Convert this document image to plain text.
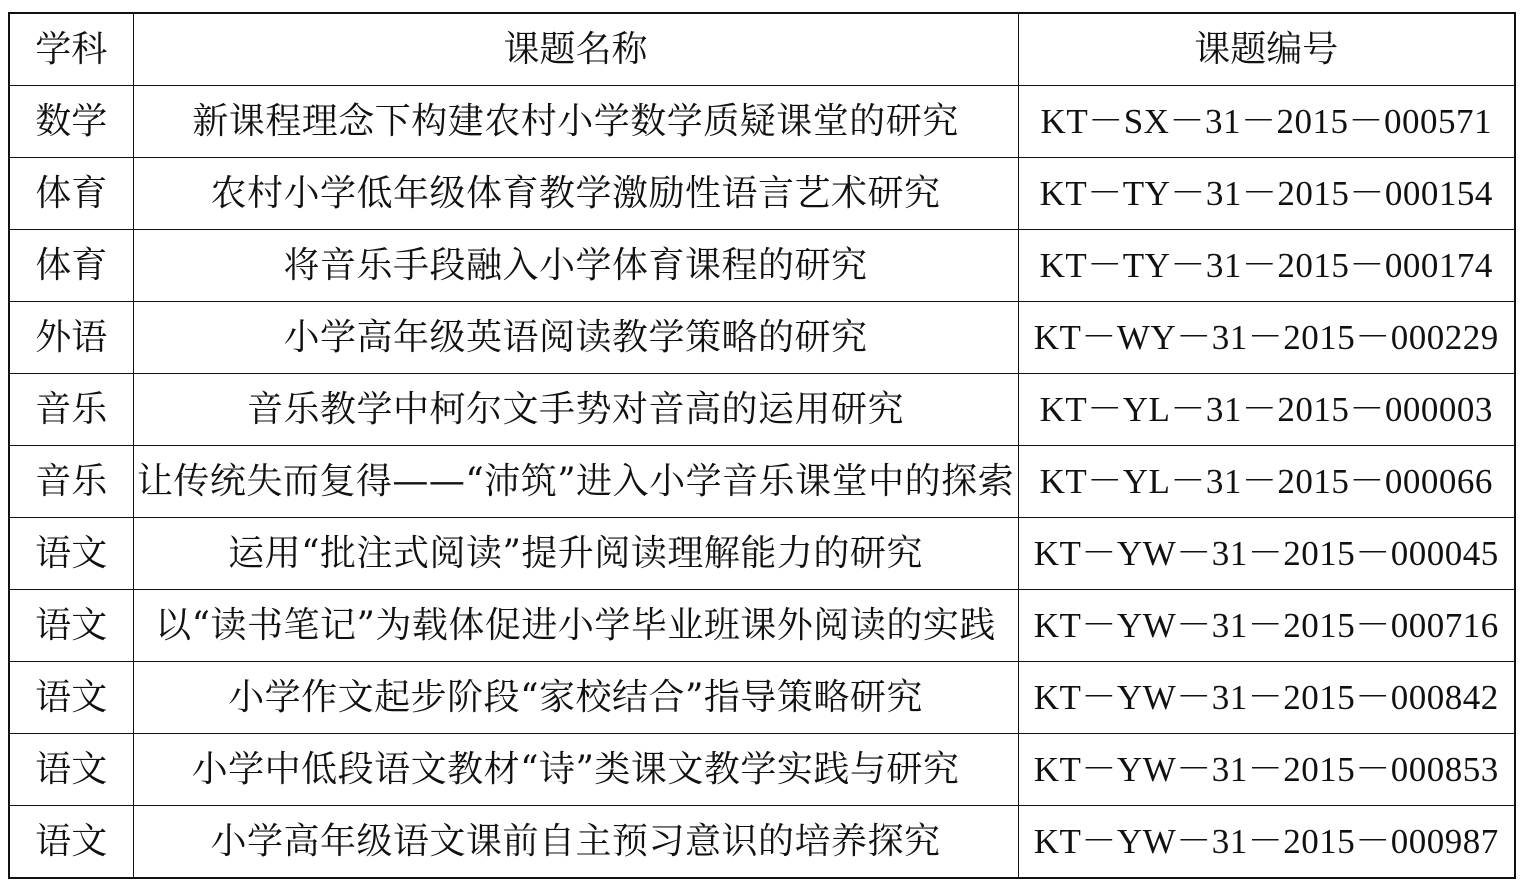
学科	课题名称	课题编号
数学	新课程理念下构建农村小学数学质疑课堂的研究	KT－SX－31－2015－000571
体育	农村小学低年级体育教学激励性语言艺术研究	KT－TY－31－2015－000154
体育	将音乐手段融入小学体育课程的研究	KT－TY－31－2015－000174
外语	小学高年级英语阅读教学策略的研究	KT－WY－31－2015－000229
音乐	音乐教学中柯尔文手势对音高的运用研究	KT－YL－31－2015－000003
音乐	让传统失而复得——“沛筑”进入小学音乐课堂中的探索	KT－YL－31－2015－000066
语文	运用“批注式阅读”提升阅读理解能力的研究	KT－YW－31－2015－000045
语文	以“读书笔记”为载体促进小学毕业班课外阅读的实践	KT－YW－31－2015－000716
语文	小学作文起步阶段“家校结合”指导策略研究	KT－YW－31－2015－000842
语文	小学中低段语文教材“诗”类课文教学实践与研究	KT－YW－31－2015－000853
语文	小学高年级语文课前自主预习意识的培养探究	KT－YW－31－2015－000987
